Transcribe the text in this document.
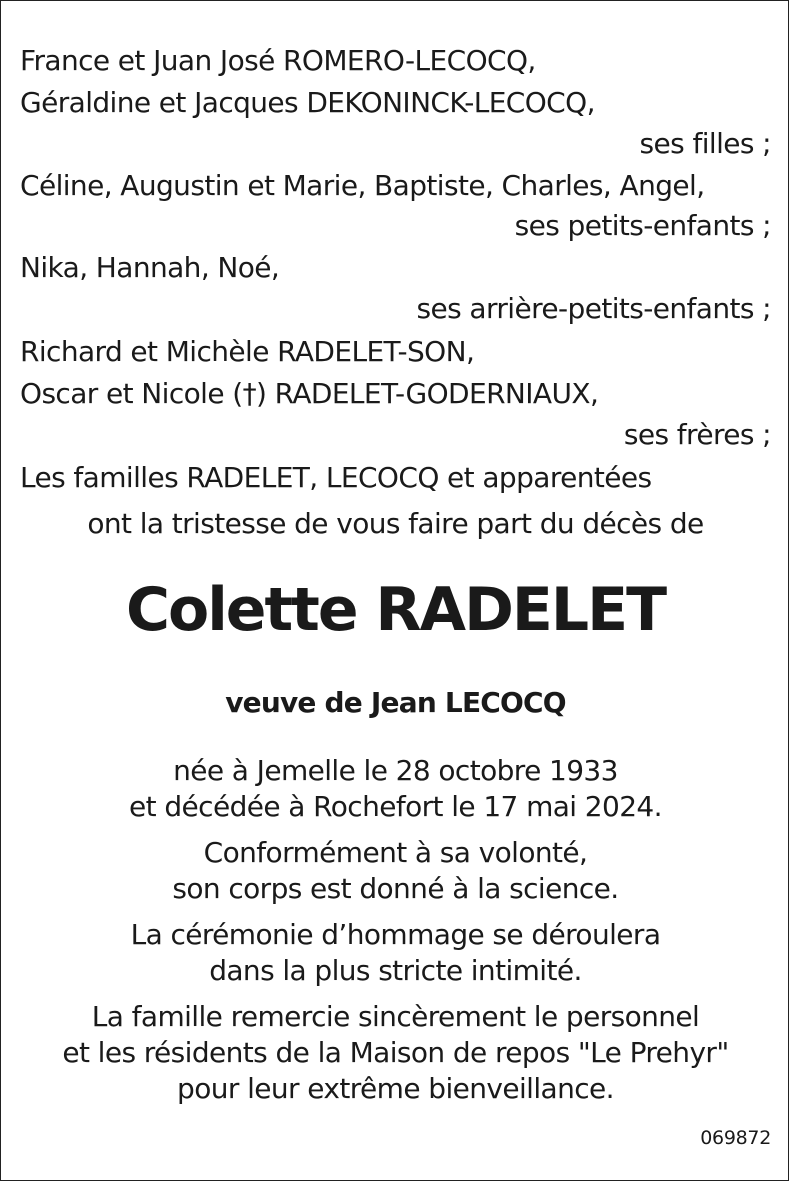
France et Juan José ROMERO-LECOCQ,
Géraldine et Jacques DEKONINCK-LECOCQ,
ses filles ;
Céline, Augustin et Marie, Baptiste, Charles, Angel,
ses petits-enfants ;
Nika, Hannah, Noé,
ses arrière-petits-enfants ;
Richard et Michèle RADELET-SON,
Oscar et Nicole (†) RADELET-GODERNIAUX,
ses frères ;
Les familles RADELET, LECOCQ et apparentées
ont la tristesse de vous faire part du décès de
Colette RADELET
veuve de Jean LECOCQ
née à Jemelle le 28 octobre 1933
et décédée à Rochefort le 17 mai 2024.
Conformément à sa volonté,
son corps est donné à la science.
La cérémonie d’hommage se déroulera
dans la plus stricte intimité.
La famille remercie sincèrement le personnel
et les résidents de la Maison de repos "Le Prehyr"
pour leur extrême bienveillance.
069872
